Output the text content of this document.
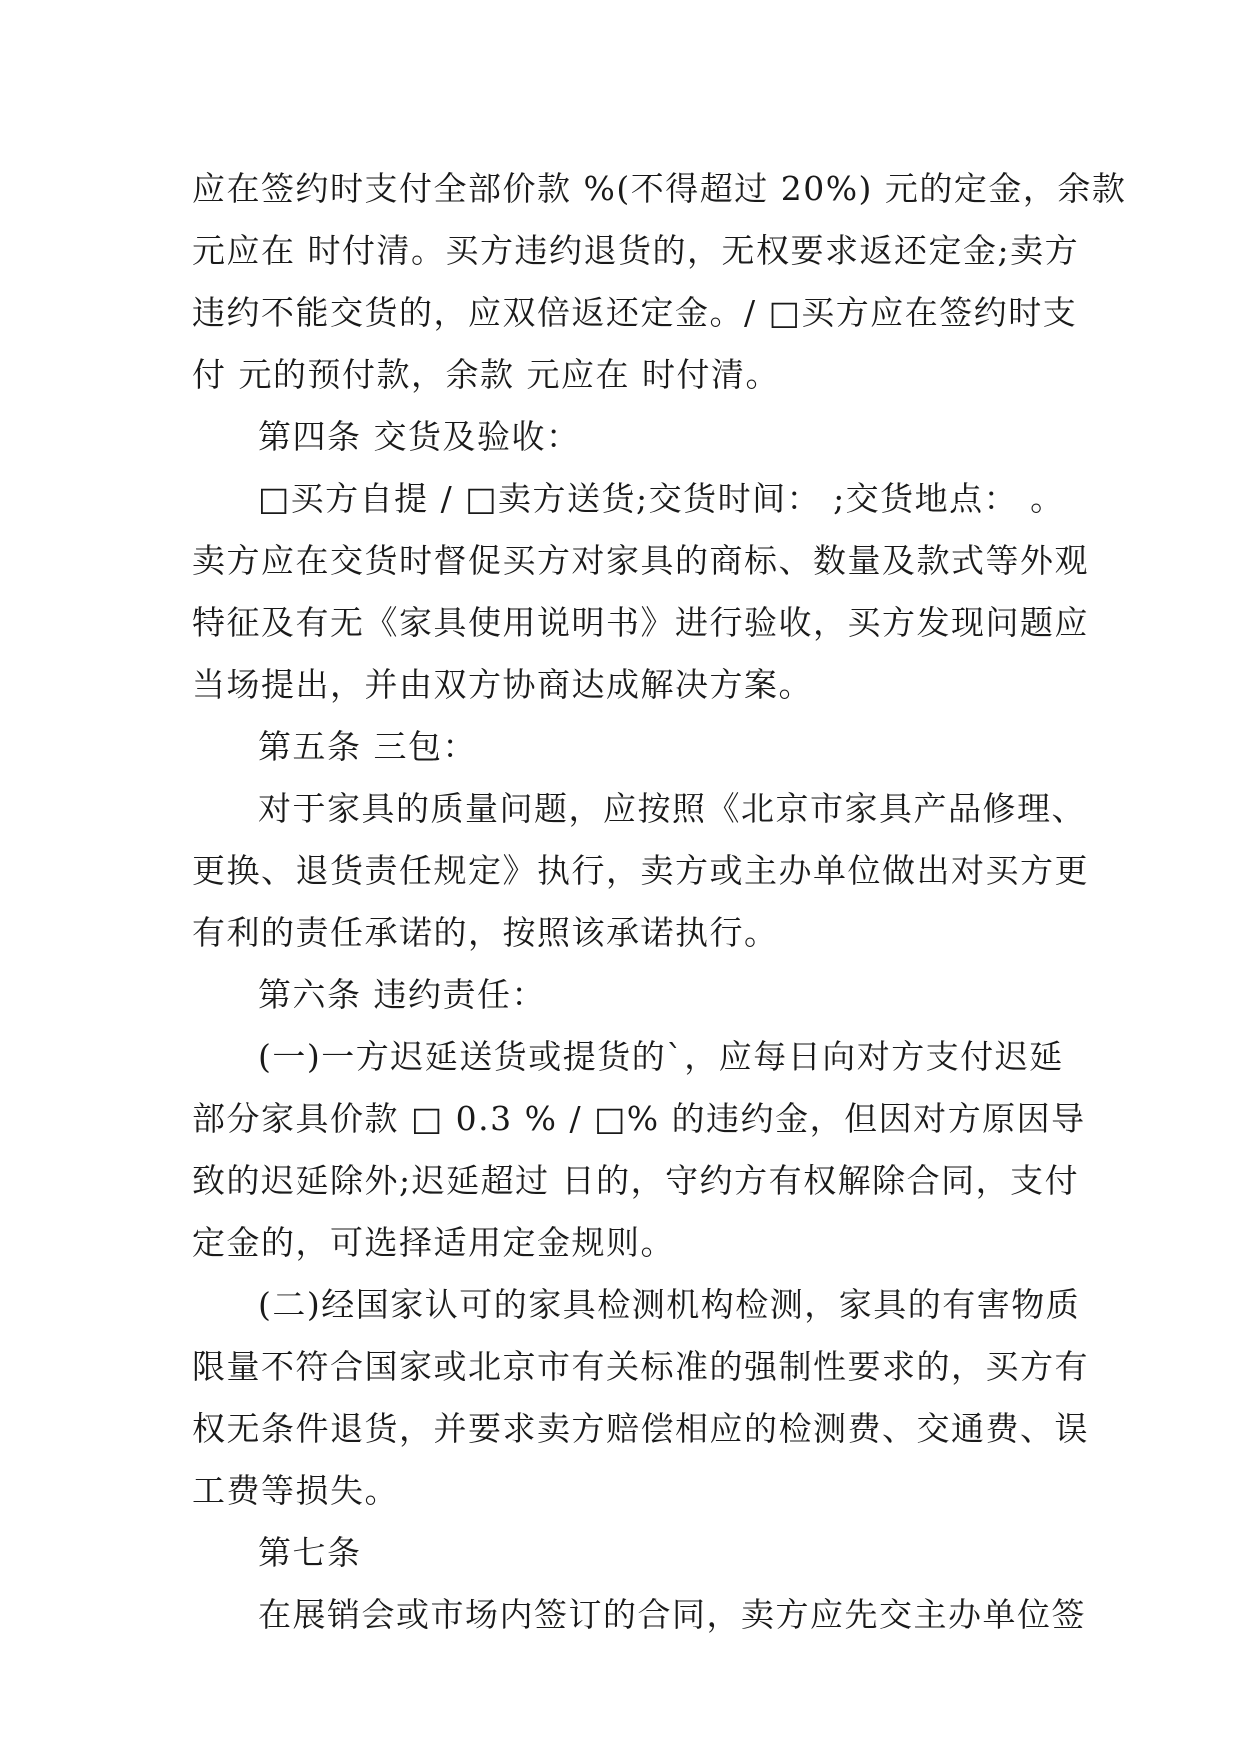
应在签约时支付全部价款 %(不得超过 20%) 元的定金，余款
元应在 时付清。买方违约退货的，无权要求返还定金;卖方
违约不能交货的，应双倍返还定金。/ □买方应在签约时支
付 元的预付款，余款 元应在 时付清。
第四条 交货及验收：
□买方自提 / □卖方送货;交货时间： ;交货地点： 。
卖方应在交货时督促买方对家具的商标、数量及款式等外观
特征及有无《家具使用说明书》进行验收，买方发现问题应
当场提出，并由双方协商达成解决方案。
第五条 三包：
对于家具的质量问题，应按照《北京市家具产品修理、
更换、退货责任规定》执行，卖方或主办单位做出对买方更
有利的责任承诺的，按照该承诺执行。
第六条 违约责任：
(一)一方迟延送货或提货的`，应每日向对方支付迟延
部分家具价款 □ 0.3 % / □% 的违约金，但因对方原因导
致的迟延除外;迟延超过 日的，守约方有权解除合同，支付
定金的，可选择适用定金规则。
(二)经国家认可的家具检测机构检测，家具的有害物质
限量不符合国家或北京市有关标准的强制性要求的，买方有
权无条件退货，并要求卖方赔偿相应的检测费、交通费、误
工费等损失。
第七条
在展销会或市场内签订的合同，卖方应先交主办单位签
